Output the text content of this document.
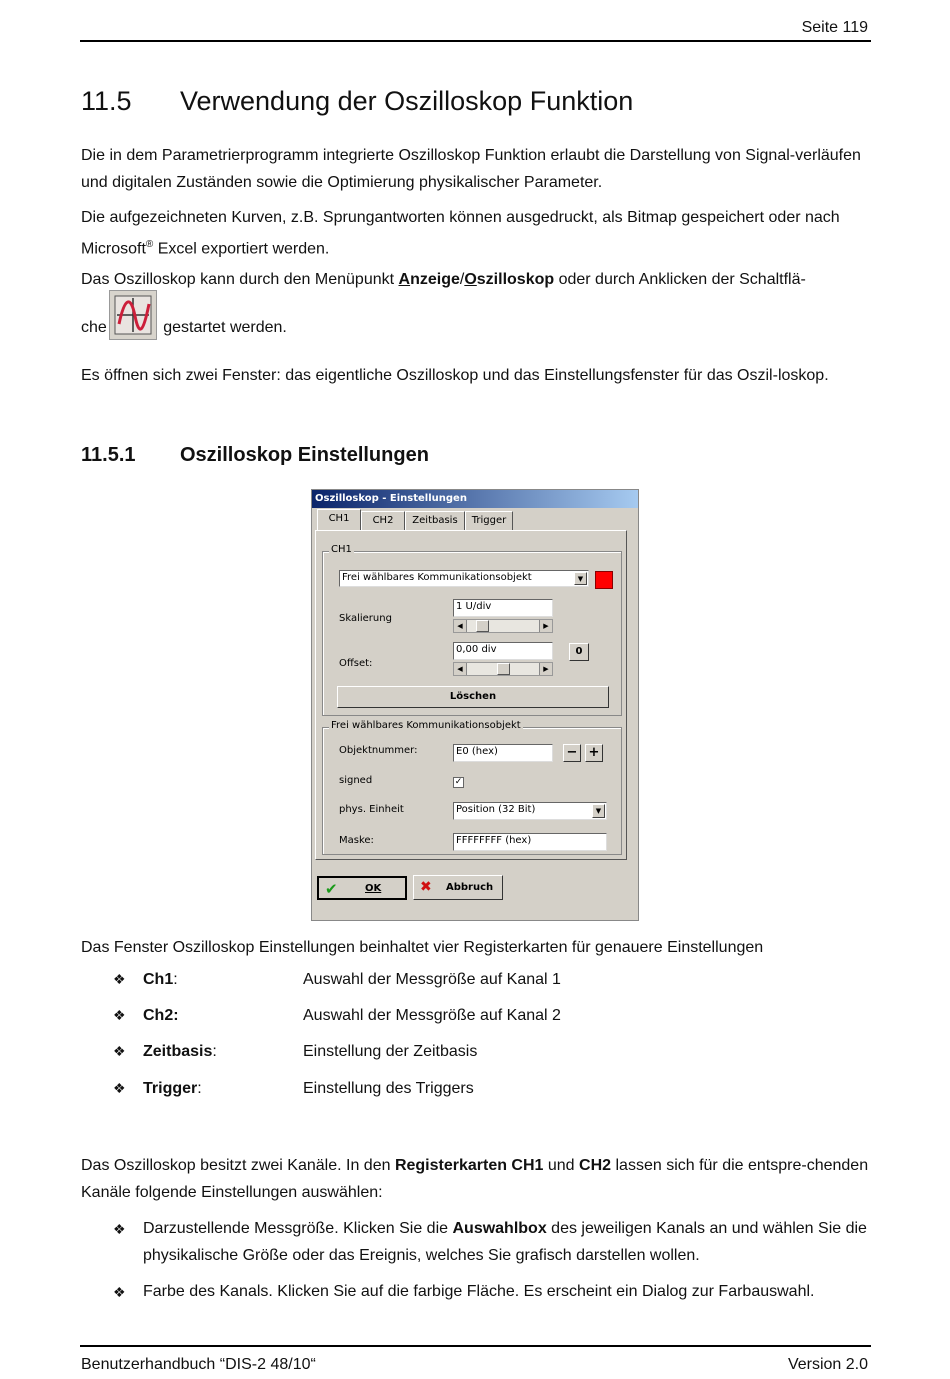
Seite 119
11.5 Verwendung der Oszilloskop Funktion
Die in dem Parametrierprogramm integrierte Oszilloskop Funktion erlaubt die Darstellung von Signal-verläufen und digitalen Zuständen sowie die Optimierung physikalischer Parameter.
Die aufgezeichneten Kurven, z.B. Sprungantworten können ausgedruckt, als Bitmap gespeichert oder nach Microsoft® Excel exportiert werden.
Das Oszilloskop kann durch den Menüpunkt Anzeige/Oszilloskop oder durch Anklicken der Schaltflä-
che	gestartet werden.
Es öffnen sich zwei Fenster: das eigentliche Oszilloskop und das Einstellungsfenster für das Oszil-loskop.
11.5.1 Oszilloskop Einstellungen
Oszilloskop - Einstellungen
CH1	CH2	Zeitbasis	Trigger
CH1
Frei wählbares Kommunikationsobjekt	▼
Skalierung
1 U/div
◀	▶
Offset:
0,00 div
◀	▶
0
Löschen
Frei wählbares Kommunikationsobjekt
Objektnummer:	E0 (hex)	− +
signed	✓
phys. Einheit	Position (32 Bit)	▼
Maske:	FFFFFFFF (hex)
✔	OK	✖ Abbruch
Das Fenster Oszilloskop Einstellungen beinhaltet vier Registerkarten für genauere Einstellungen
❖ Ch1:	Auswahl der Messgröße auf Kanal 1
❖ Ch2:	Auswahl der Messgröße auf Kanal 2
❖ Zeitbasis:	Einstellung der Zeitbasis
❖ Trigger:	Einstellung des Triggers
Das Oszilloskop besitzt zwei Kanäle. In den Registerkarten CH1 und CH2 lassen sich für die entspre-chenden Kanäle folgende Einstellungen auswählen:
❖ Darzustellende Messgröße. Klicken Sie die Auswahlbox des jeweiligen Kanals an und wählen Sie die physikalische Größe oder das Ereignis, welches Sie grafisch darstellen wollen.
❖ Farbe des Kanals. Klicken Sie auf die farbige Fläche. Es erscheint ein Dialog zur Farbauswahl.
Benutzerhandbuch “DIS-2 48/10“	Version 2.0
